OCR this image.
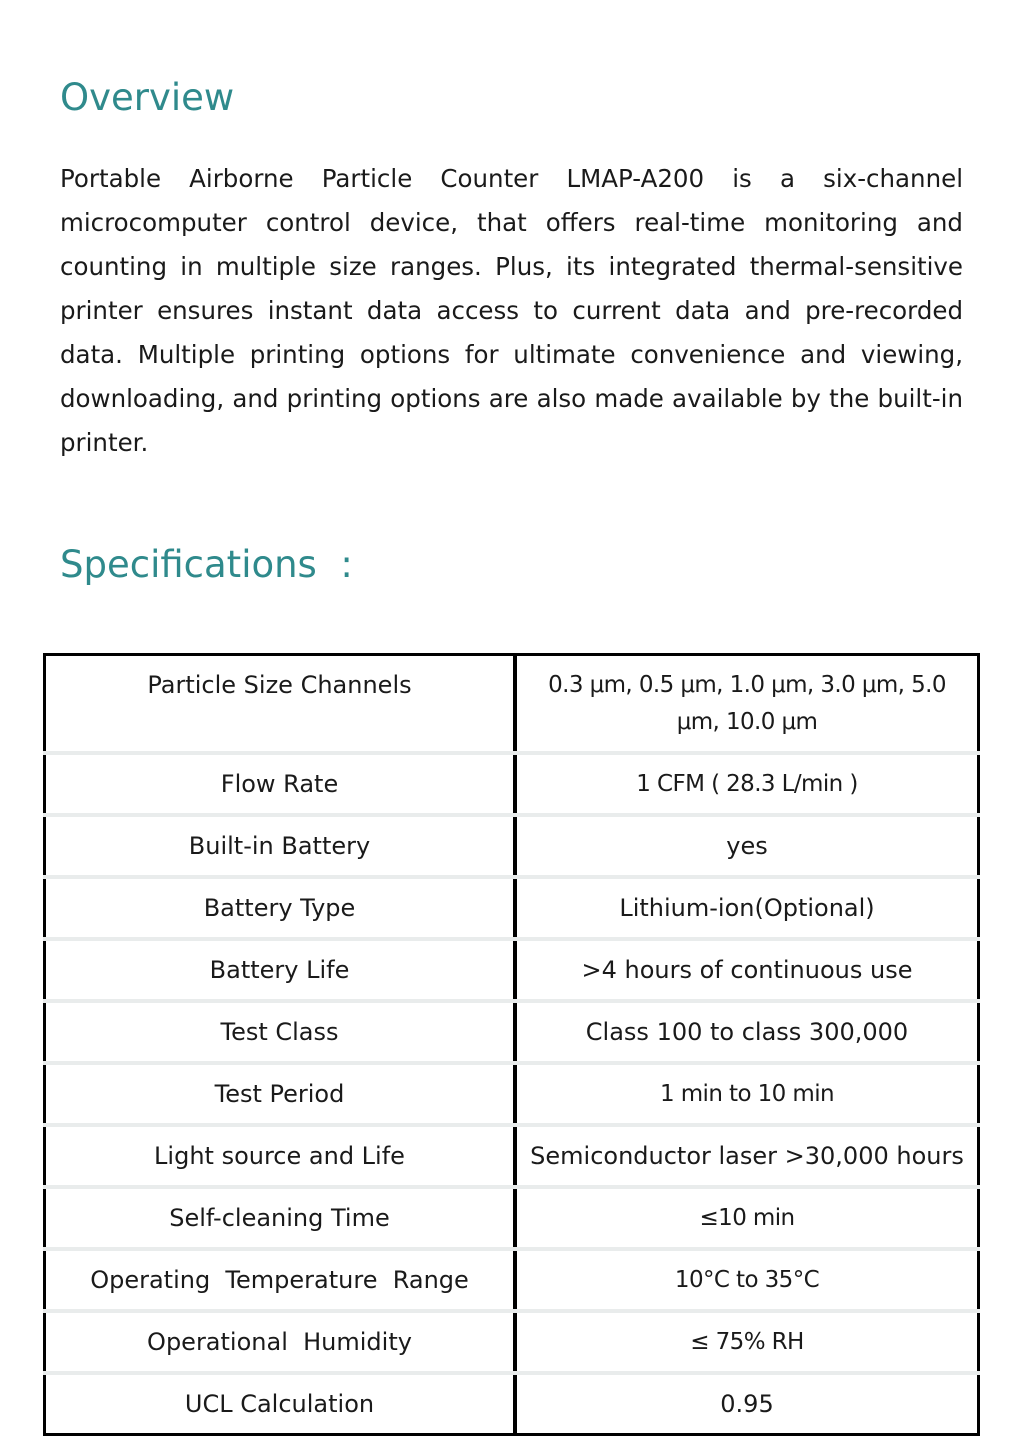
Overview

Portable Airborne Particle Counter LMAP-A200 is a six-channel microcomputer control device, that offers real-time monitoring and counting in multiple size ranges. Plus, its integrated thermal-sensitive printer ensures instant data access to current data and pre-recorded data. Multiple printing options for ultimate convenience and viewing, downloading, and printing options are also made available by the built-in printer.

Specifications  :
Particle Size Channels	0.3 μm, 0.5 μm, 1.0 μm, 3.0 μm, 5.0 μm, 10.0 μm
Flow Rate	1 CFM ( 28.3 L/min )
Built-in Battery	yes
Battery Type	Lithium-ion(Optional)
Battery Life	>4 hours of continuous use
Test Class	Class 100 to class 300,000
Test Period	1 min to 10 min
Light source and Life	Semiconductor laser >30,000 hours
Self-cleaning Time	≤10 min
Operating  Temperature  Range	10°C to 35°C
Operational  Humidity	≤ 75% RH
UCL Calculation	0.95
